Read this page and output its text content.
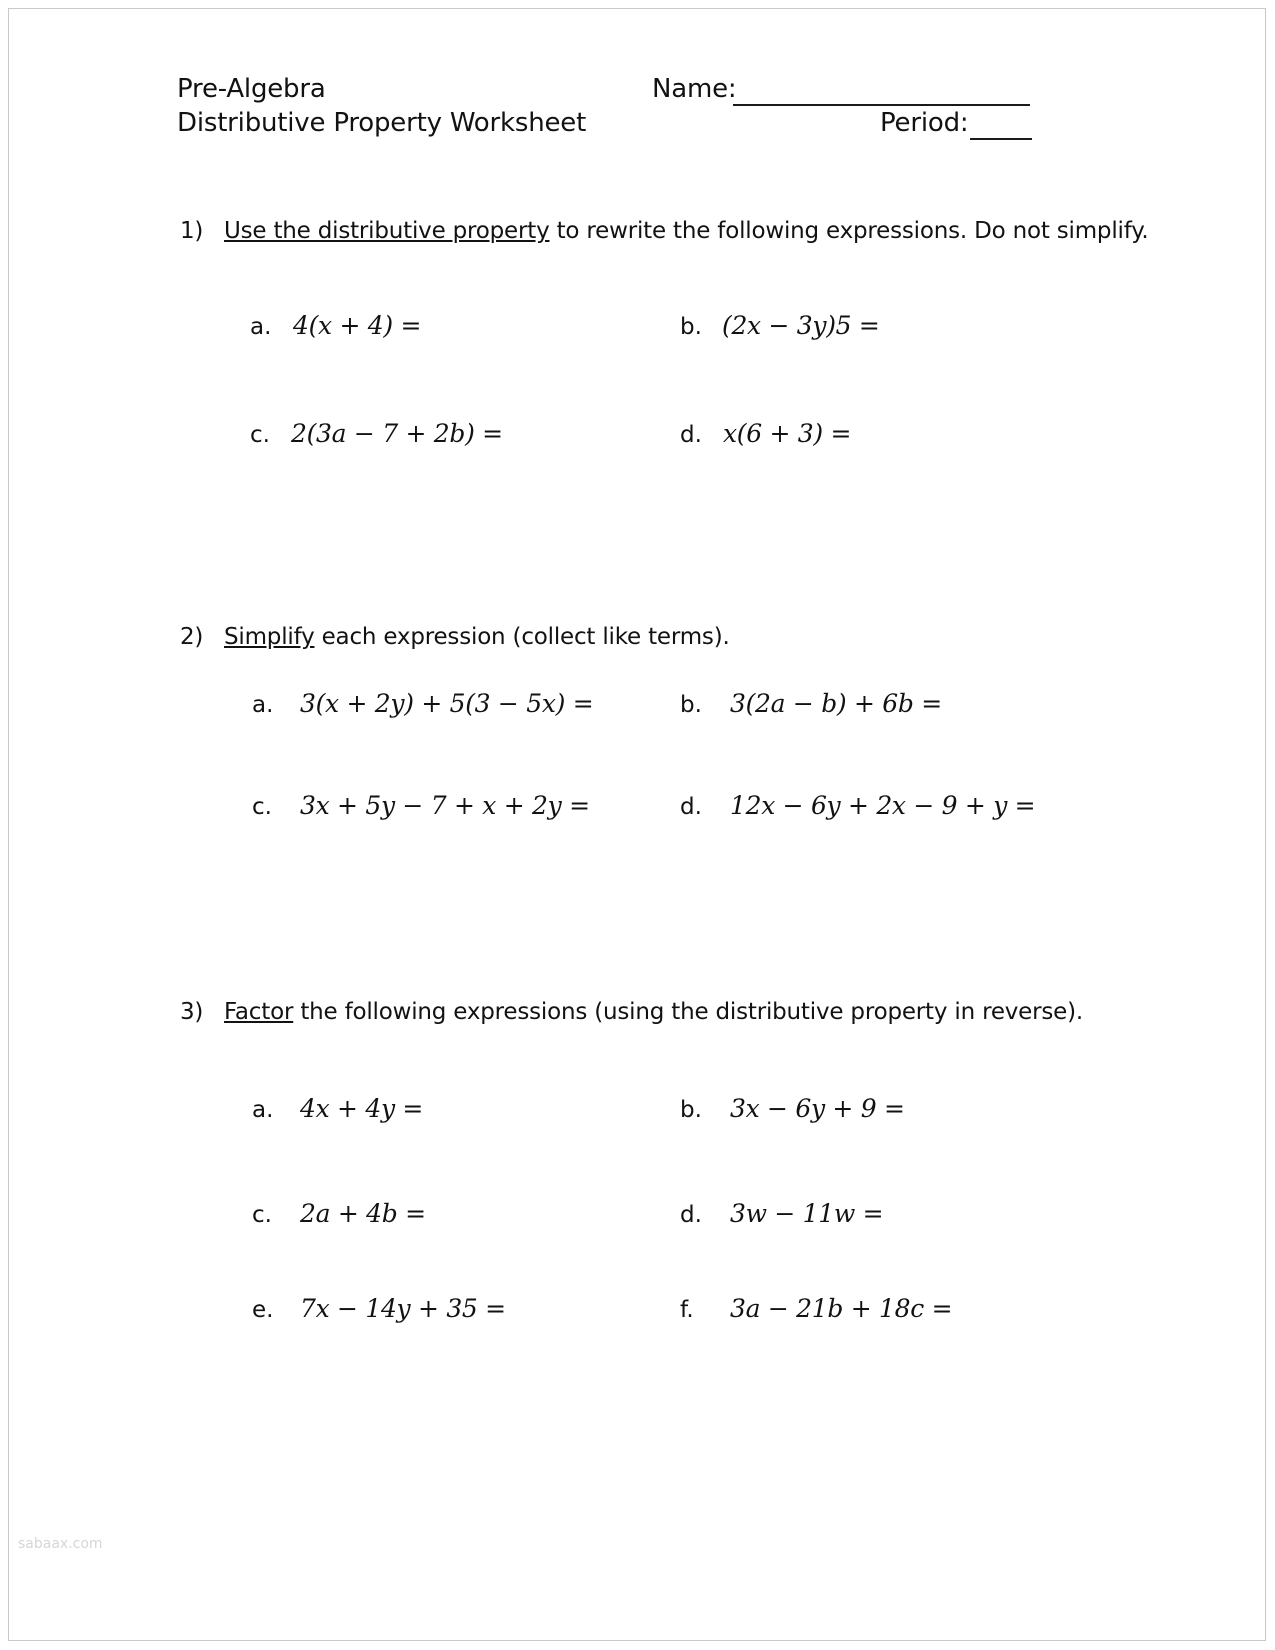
Pre-Algebra
Distributive Property Worksheet
Name:
Period:
1) Use the distributive property to rewrite the following expressions. Do not simplify.
a. 4(x + 4) =	b. (2x − 3y)5 =
c. 2(3a − 7 + 2b) =	d. x(6 + 3) =
2) Simplify each expression (collect like terms).
a. 3(x + 2y) + 5(3 − 5x) =	b. 3(2a − b) + 6b =
c. 3x + 5y − 7 + x + 2y =	d. 12x − 6y + 2x − 9 + y =
3) Factor the following expressions (using the distributive property in reverse).
a. 4x + 4y =	b. 3x − 6y + 9 =
c. 2a + 4b =	d. 3w − 11w =
e. 7x − 14y + 35 =	f. 3a − 21b + 18c =
sabaax.com
